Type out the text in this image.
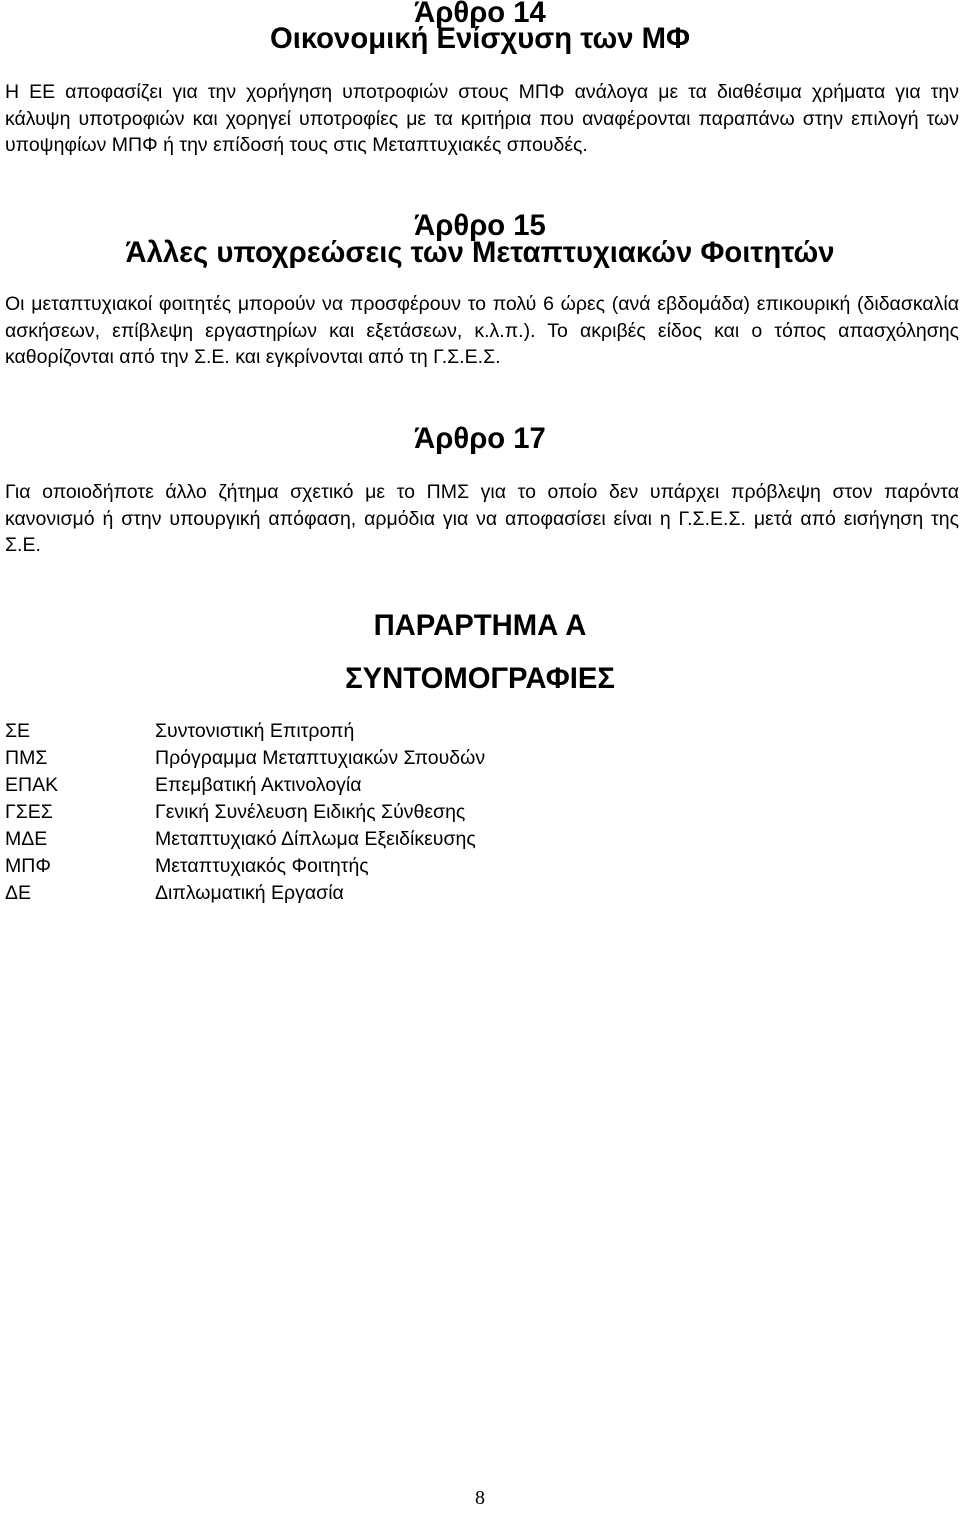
Άρθρο 14
Οικονομική Ενίσχυση των ΜΦ

Η ΕΕ αποφασίζει για την χορήγηση υποτροφιών στους ΜΠΦ ανάλογα με τα διαθέσιμα χρήματα για την κάλυψη υποτροφιών και χορηγεί υποτροφίες με τα κριτήρια που αναφέρονται παραπάνω στην επιλογή των υποψηφίων ΜΠΦ ή την επίδοσή τους στις Μεταπτυχιακές σπουδές.

Άρθρο 15
Άλλες υποχρεώσεις των Μεταπτυχιακών Φοιτητών

Οι μεταπτυχιακοί φοιτητές μπορούν να προσφέρουν το πολύ 6 ώρες (ανά εβδομάδα) επικουρική (διδασκαλία ασκήσεων, επίβλεψη εργαστηρίων και εξετάσεων, κ.λ.π.). Το ακριβές είδος και ο τόπος απασχόλησης καθορίζονται από την Σ.Ε. και εγκρίνονται από τη Γ.Σ.Ε.Σ.

Άρθρο 17

Για οποιοδήποτε άλλο ζήτημα σχετικό με το ΠΜΣ για το οποίο δεν υπάρχει πρόβλεψη στον παρόντα κανονισμό ή στην υπουργική απόφαση, αρμόδια για να αποφασίσει είναι η Γ.Σ.Ε.Σ. μετά από εισήγηση της Σ.Ε.

ΠΑΡΑΡΤΗΜΑ Α
ΣΥΝΤΟΜΟΓΡΑΦΙΕΣ
ΣΕ	Συντονιστική Επιτροπή
ΠΜΣ	Πρόγραμμα Μεταπτυχιακών Σπουδών
ΕΠΑΚ	Επεμβατική Ακτινολογία
ΓΣΕΣ	Γενική Συνέλευση Ειδικής Σύνθεσης
ΜΔΕ	Μεταπτυχιακό Δίπλωμα Εξειδίκευσης
ΜΠΦ	Μεταπτυχιακός Φοιτητής
ΔΕ	Διπλωματική Εργασία
8
